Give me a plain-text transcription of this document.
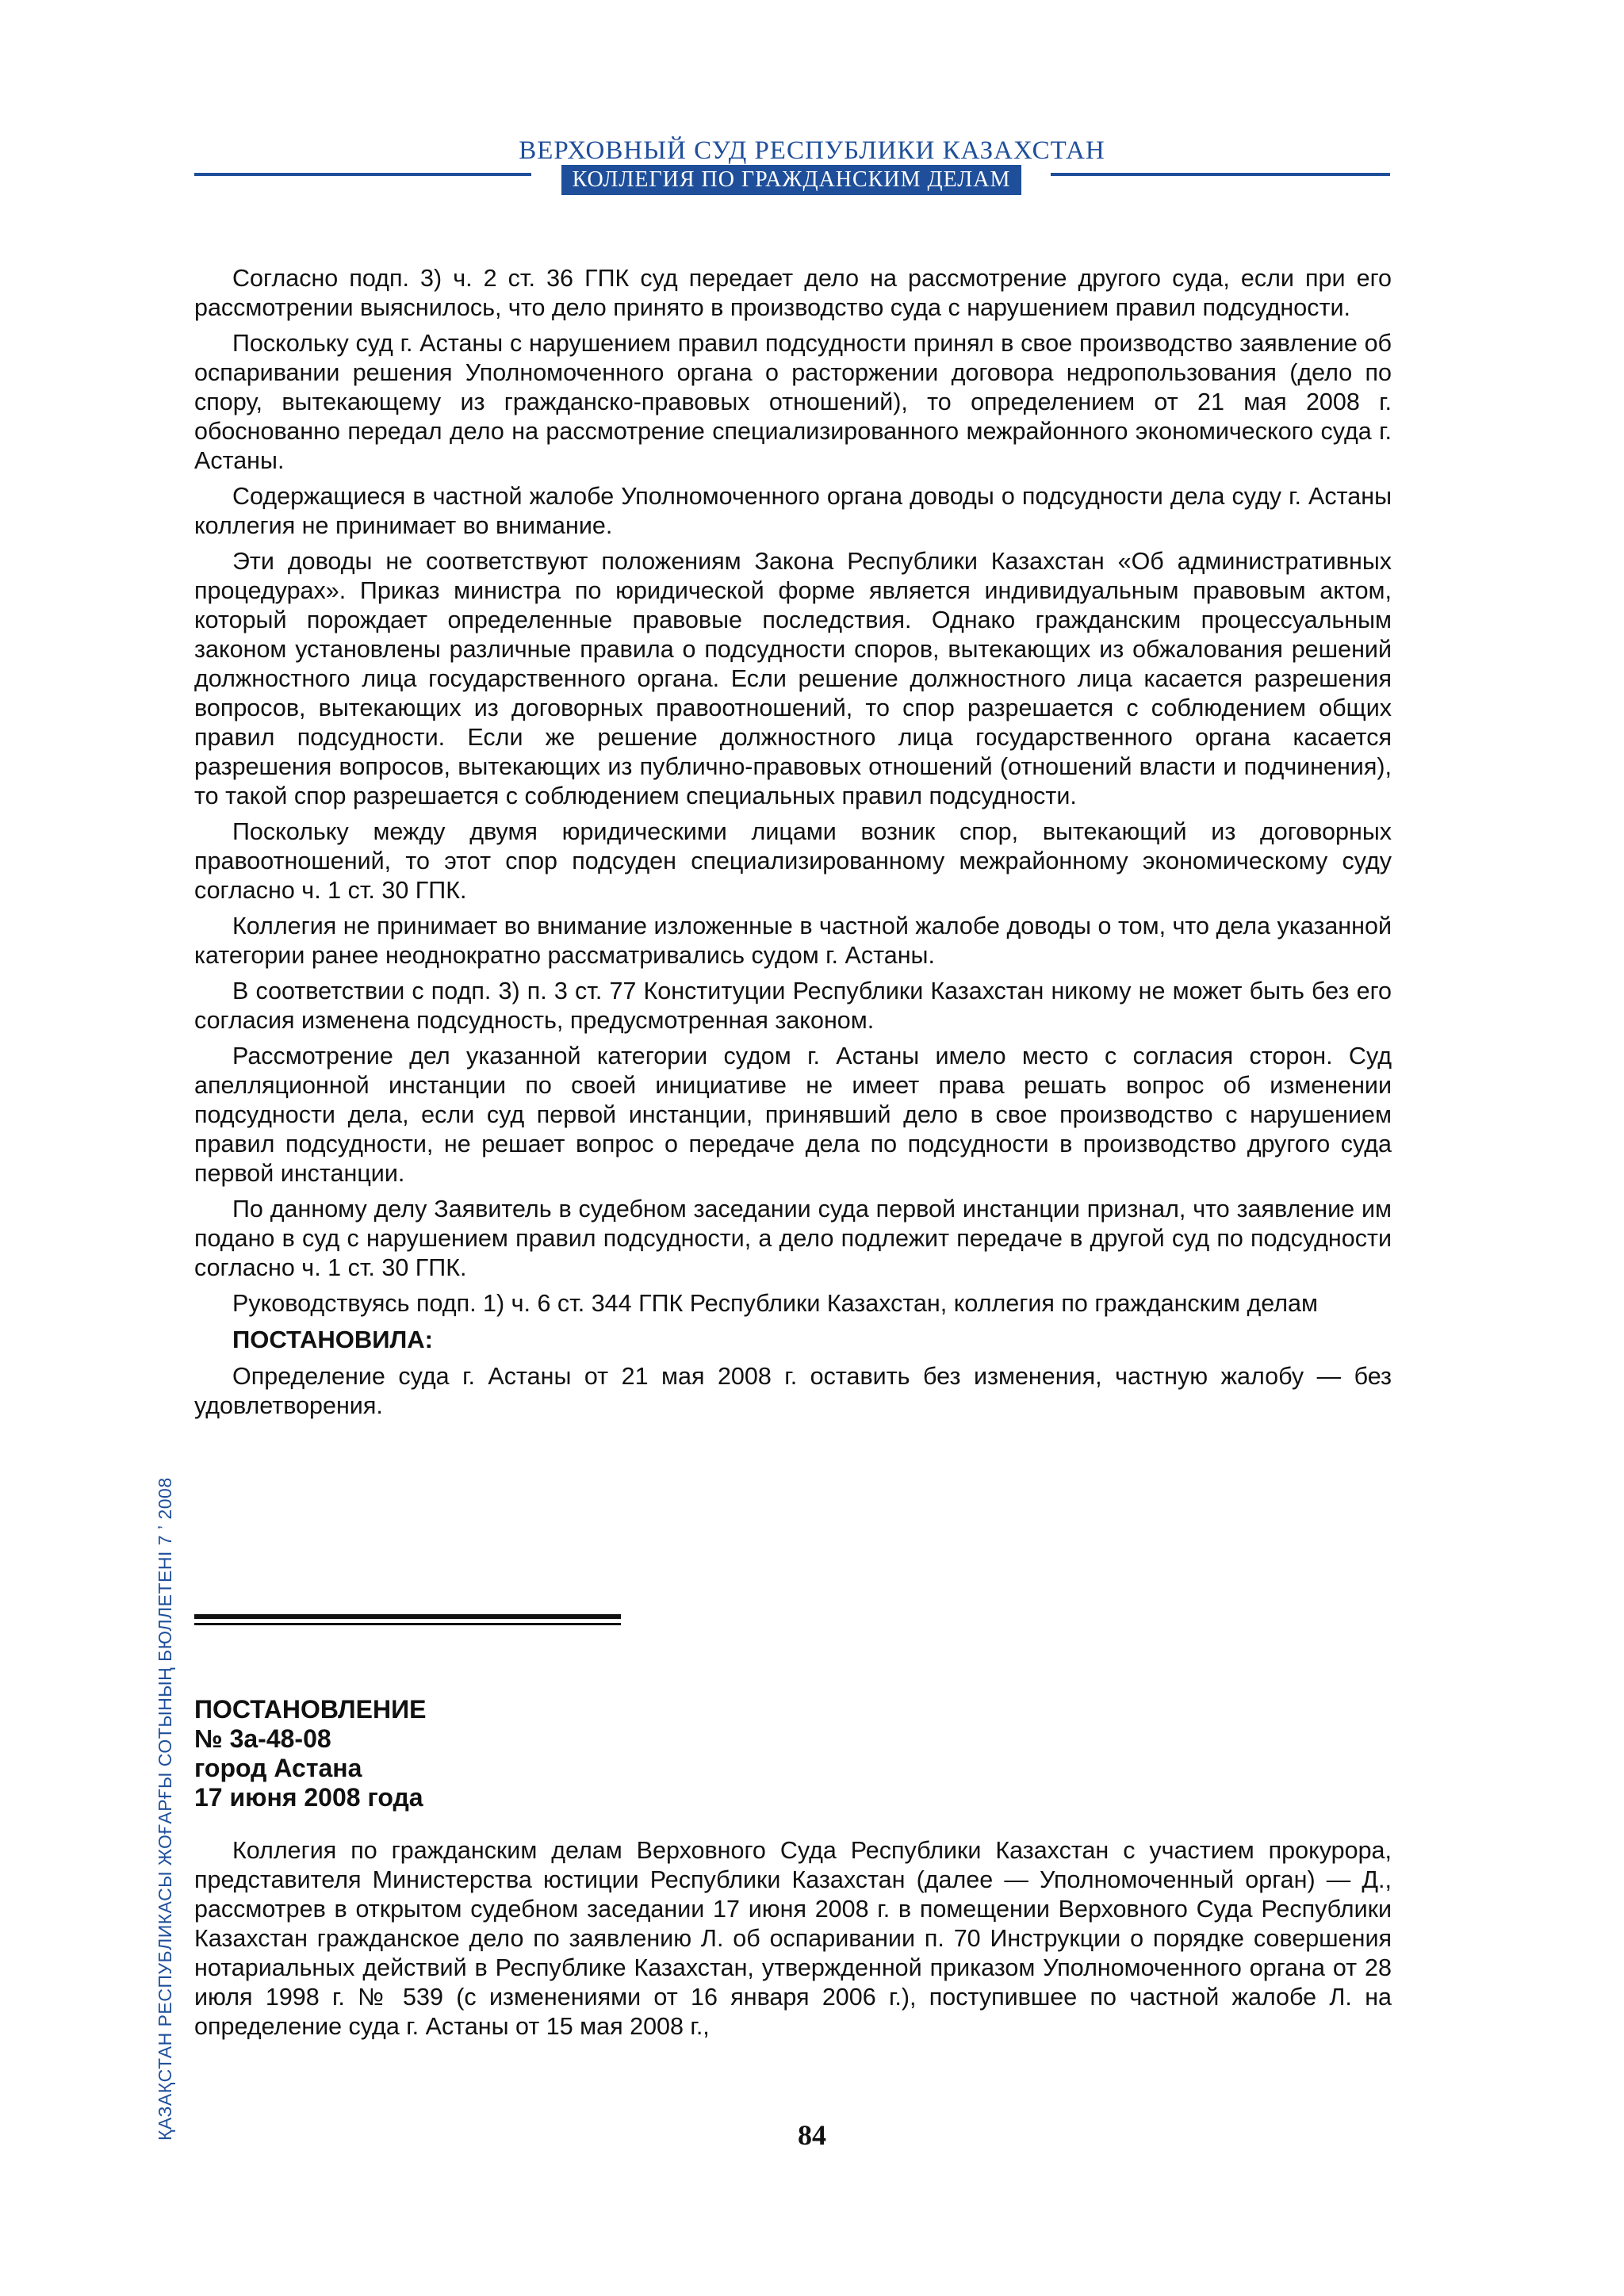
ВЕРХОВНЫЙ СУД РЕСПУБЛИКИ КАЗАХСТАН
КОЛЛЕГИЯ ПО ГРАЖДАНСКИМ ДЕЛАМ

Согласно подп. 3) ч. 2 ст. 36 ГПК суд передает дело на рассмотрение другого суда, если при его рассмотрении выяснилось, что дело принято в производство суда с нарушением правил подсудности.

Поскольку суд г. Астаны с нарушением правил подсудности принял в свое производство заявление об оспаривании решения Уполномоченного органа о расторжении договора недропользования (дело по спору, вытекающему из гражданско-правовых отношений), то определением от 21 мая 2008 г. обоснованно передал дело на рассмотрение специализированного межрайонного экономического суда г. Астаны.

Содержащиеся в частной жалобе Уполномоченного органа доводы о подсудности дела суду г. Астаны коллегия не принимает во внимание.

Эти доводы не соответствуют положениям Закона Республики Казахстан «Об административных процедурах». Приказ министра по юридической форме является индивидуальным правовым актом, который порождает определенные правовые последствия. Однако гражданским процессуальным законом установлены различные правила о подсудности споров, вытекающих из обжалования решений должностного лица государственного органа. Если решение должностного лица касается разрешения вопросов, вытекающих из договорных правоотношений, то спор разрешается с соблюдением общих правил подсудности. Если же решение должностного лица государственного органа касается разрешения вопросов, вытекающих из публично-правовых отношений (отношений власти и подчинения), то такой спор разрешается с соблюдением специальных правил подсудности.

Поскольку между двумя юридическими лицами возник спор, вытекающий из договорных правоотношений, то этот спор подсуден специализированному межрайонному экономическому суду согласно ч. 1 ст. 30 ГПК.

Коллегия не принимает во внимание изложенные в частной жалобе доводы о том, что дела указанной категории ранее неоднократно рассматривались судом г. Астаны.

В соответствии с подп. 3) п. 3 ст. 77 Конституции Республики Казахстан никому не может быть без его согласия изменена подсудность, предусмотренная законом.

Рассмотрение дел указанной категории судом г. Астаны имело место с согласия сторон. Суд апелляционной инстанции по своей инициативе не имеет права решать вопрос об изменении подсудности дела, если суд первой инстанции, принявший дело в свое производство с нарушением правил подсудности, не решает вопрос о передаче дела по подсудности в производство другого суда первой инстанции.

По данному делу Заявитель в судебном заседании суда первой инстанции признал, что заявление им подано в суд с нарушением правил подсудности, а дело подлежит передаче в другой суд по подсудности согласно ч. 1 ст. 30 ГПК.

Руководствуясь подп. 1) ч. 6 ст. 344 ГПК Республики Казахстан, коллегия по гражданским делам

ПОСТАНОВИЛА:

Определение суда г. Астаны от 21 мая 2008 г. оставить без изменения, частную жалобу — без удовлетворения.

ПОСТАНОВЛЕНИЕ
№ 3а-48-08
город Астана
17 июня 2008 года

Коллегия по гражданским делам Верховного Суда Республики Казахстан с участием прокурора, представителя Министерства юстиции Республики Казахстан (далее — Уполномоченный орган) — Д., рассмотрев в открытом судебном заседании 17 июня 2008 г. в помещении Верховного Суда Республики Казахстан гражданское дело по заявлению Л. об оспаривании п. 70 Инструкции о порядке совершения нотариальных действий в Республике Казахстан, утвержденной приказом Уполномоченного органа от 28 июля 1998 г. № 539 (с изменениями от 16 января 2006 г.), поступившее по частной жалобе Л. на определение суда г. Астаны от 15 мая 2008 г.,

84
ҚАЗАҚСТАН РЕСПУБЛИКАСЫ ЖОҒАРҒЫ СОТЫНЫҢ БЮЛЛЕТЕНІ 7 ʼ 2008
